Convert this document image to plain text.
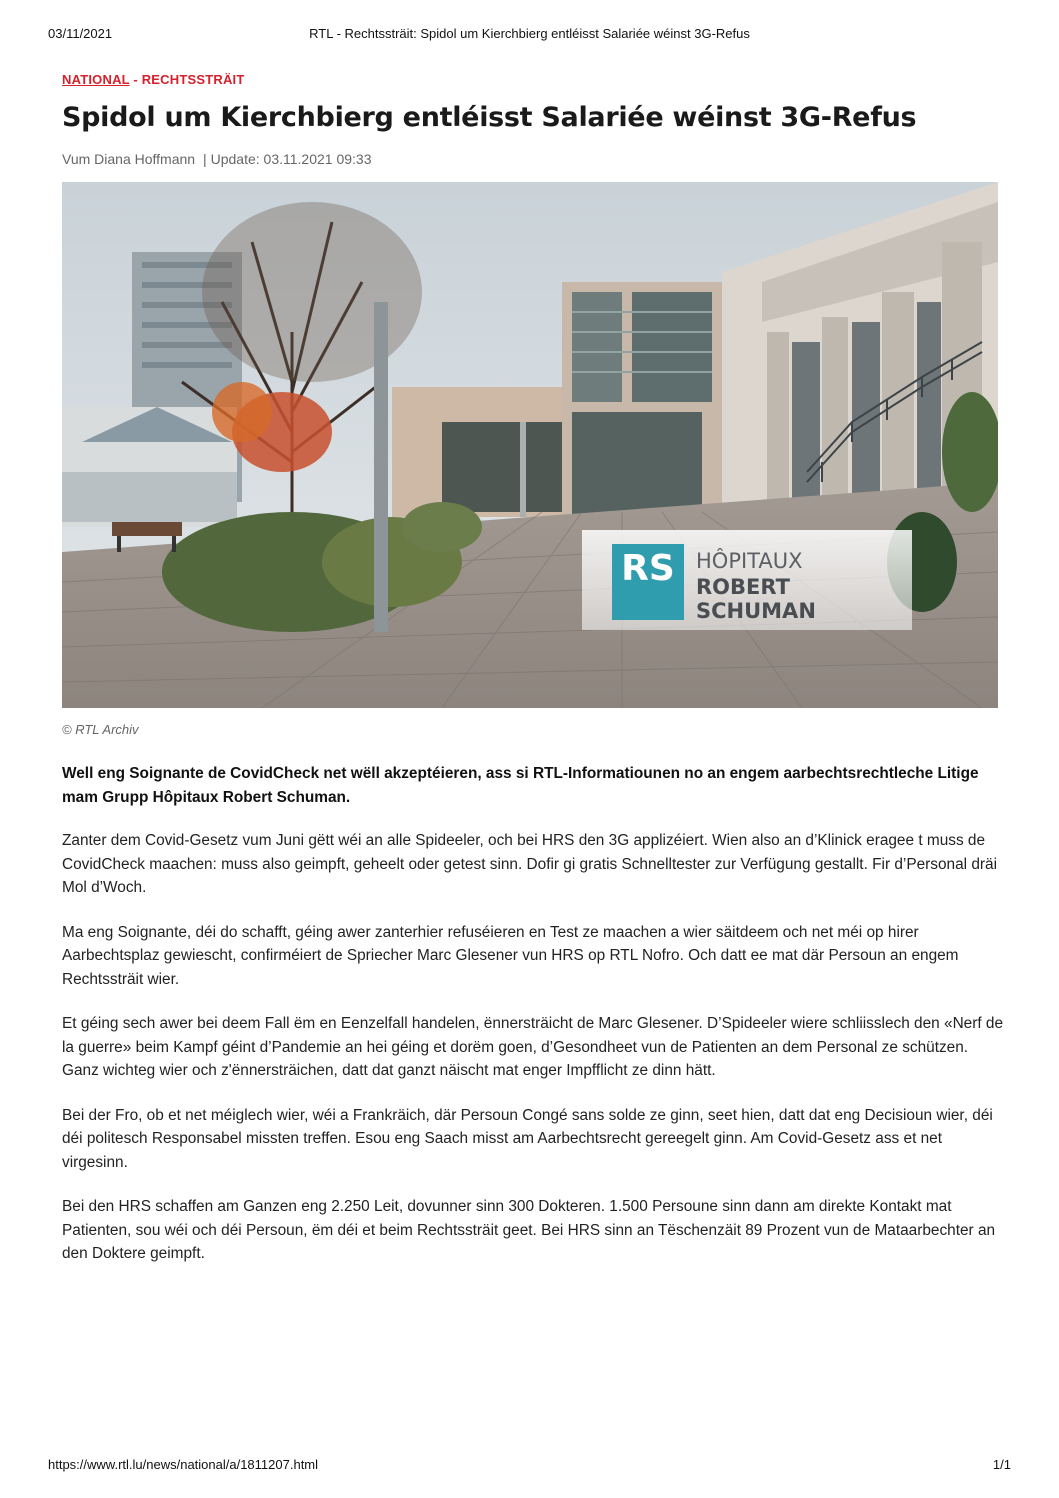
03/11/2021	RTL - Rechtssträit: Spidol um Kierchbierg entléisst Salariée wéinst 3G-Refus
NATIONAL - RECHTSSTRÄIT
Spidol um Kierchbierg entléisst Salariée wéinst 3G-Refus
Vum Diana Hoffmann | Update: 03.11.2021 09:33
RS HÔPITAUX
ROBERT
SCHUMAN
© RTL Archiv

Well eng Soignante de CovidCheck net wëll akzeptéieren, ass si RTL-Informatiounen no an engem aarbechtsrechtleche Litige mam Grupp Hôpitaux Robert Schuman.

Zanter dem Covid-Gesetz vum Juni gëtt wéi an alle Spideeler, och bei HRS den 3G applizéiert. Wien also an d’Klinick eragee t muss de CovidCheck maachen: muss also geimpft, geheelt oder getest sinn. Dofir gi gratis Schnelltester zur Verfügung gestallt. Fir d’Personal dräi Mol d’Woch.

Ma eng Soignante, déi do schafft, géing awer zanterhier refuséieren en Test ze maachen a wier säitdeem och net méi op hirer Aarbechtsplaz gewiescht, confirméiert de Spriecher Marc Glesener vun HRS op RTL Nofro. Och datt ee mat där Persoun an engem Rechtssträit wier.

Et géing sech awer bei deem Fall ëm en Eenzelfall handelen, ënnersträicht de Marc Glesener. D’Spideeler wiere schliisslech den «Nerf de la guerre» beim Kampf géint d’Pandemie an hei géing et dorëm goen, d’Gesondheet vun de Patienten an dem Personal ze schützen. Ganz wichteg wier och z'ënnersträichen, datt dat ganzt näischt mat enger Impfflicht ze dinn hätt.

Bei der Fro, ob et net méiglech wier, wéi a Frankräich, där Persoun Congé sans solde ze ginn, seet hien, datt dat eng Decisioun wier, déi déi politesch Responsabel missten treffen. Esou eng Saach misst am Aarbechtsrecht gereegelt ginn. Am Covid-Gesetz ass et net virgesinn.

Bei den HRS schaffen am Ganzen eng 2.250 Leit, dovunner sinn 300 Dokteren. 1.500 Persoune sinn dann am direkte Kontakt mat Patienten, sou wéi och déi Persoun, ëm déi et beim Rechtssträit geet. Bei HRS sinn an Tëschenzäit 89 Prozent vun de Mataarbechter an den Doktere geimpft.

https://www.rtl.lu/news/national/a/1811207.html	1/1
